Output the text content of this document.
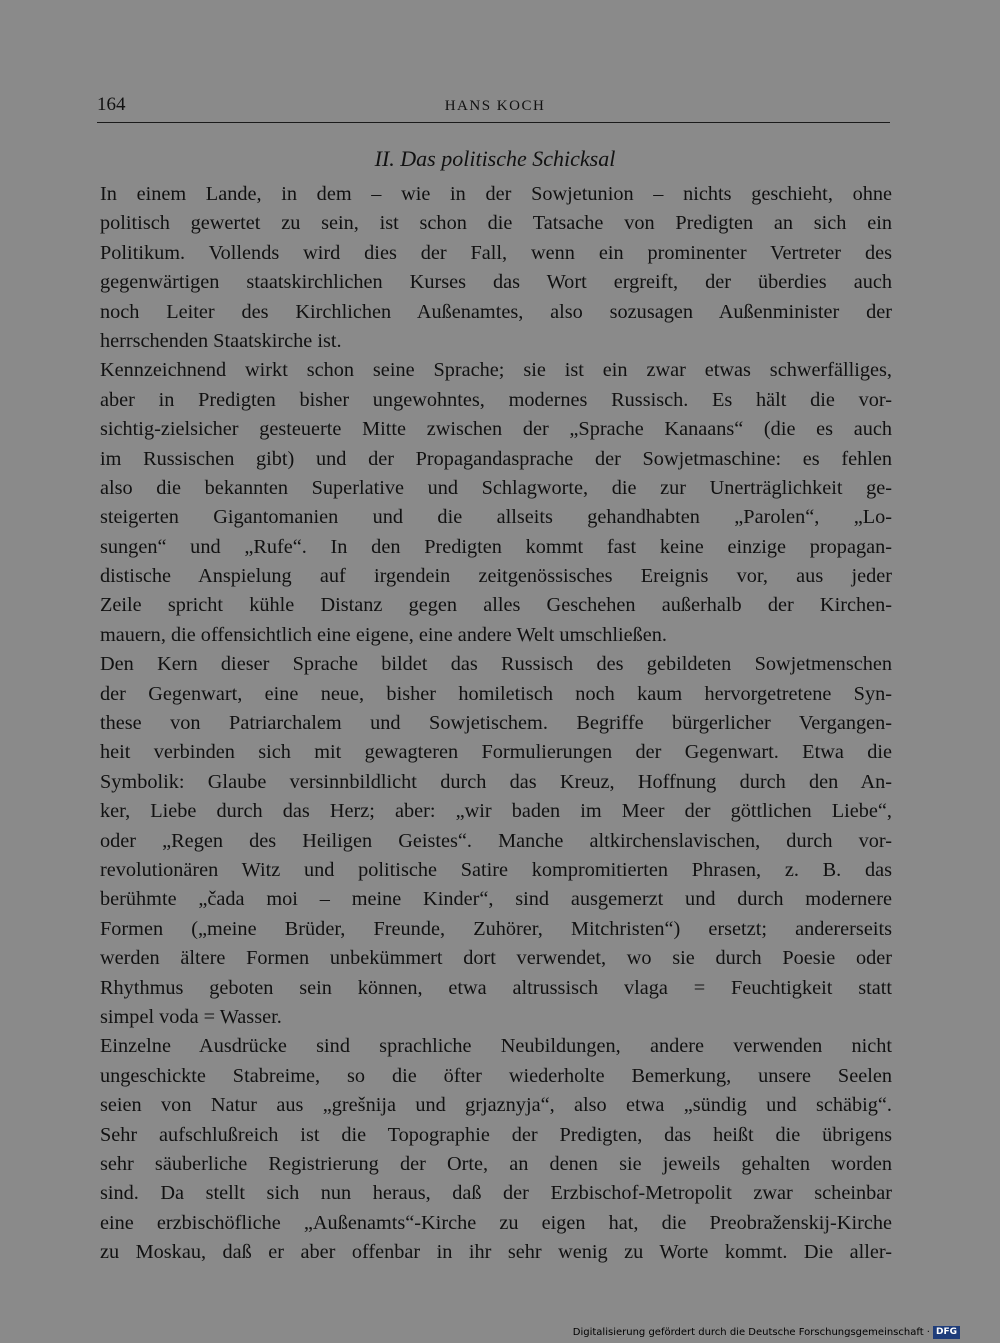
164	HANS KOCH
II. Das politische Schicksal
In einem Lande, in dem – wie in der Sowjetunion – nichts geschieht, ohne
politisch gewertet zu sein, ist schon die Tatsache von Predigten an sich ein
Politikum. Vollends wird dies der Fall, wenn ein prominenter Vertreter des
gegenwärtigen staatskirchlichen Kurses das Wort ergreift, der überdies auch
noch Leiter des Kirchlichen Außenamtes, also sozusagen Außenminister der
herrschenden Staatskirche ist.
Kennzeichnend wirkt schon seine Sprache; sie ist ein zwar etwas schwerfälliges,
aber in Predigten bisher ungewohntes, modernes Russisch. Es hält die vor-
sichtig-zielsicher gesteuerte Mitte zwischen der „Sprache Kanaans“ (die es auch
im Russischen gibt) und der Propagandasprache der Sowjetmaschine: es fehlen
also die bekannten Superlative und Schlagworte, die zur Unerträglichkeit ge-
steigerten Gigantomanien und die allseits gehandhabten „Parolen“, „Lo-
sungen“ und „Rufe“. In den Predigten kommt fast keine einzige propagan-
distische Anspielung auf irgendein zeitgenössisches Ereignis vor, aus jeder
Zeile spricht kühle Distanz gegen alles Geschehen außerhalb der Kirchen-
mauern, die offensichtlich eine eigene, eine andere Welt umschließen.
Den Kern dieser Sprache bildet das Russisch des gebildeten Sowjetmenschen
der Gegenwart, eine neue, bisher homiletisch noch kaum hervorgetretene Syn-
these von Patriarchalem und Sowjetischem. Begriffe bürgerlicher Vergangen-
heit verbinden sich mit gewagteren Formulierungen der Gegenwart. Etwa die
Symbolik: Glaube versinnbildlicht durch das Kreuz, Hoffnung durch den An-
ker, Liebe durch das Herz; aber: „wir baden im Meer der göttlichen Liebe“,
oder „Regen des Heiligen Geistes“. Manche altkirchenslavischen, durch vor-
revolutionären Witz und politische Satire kompromitierten Phrasen, z. B. das
berühmte „čada moi – meine Kinder“, sind ausgemerzt und durch modernere
Formen („meine Brüder, Freunde, Zuhörer, Mitchristen“) ersetzt; andererseits
werden ältere Formen unbekümmert dort verwendet, wo sie durch Poesie oder
Rhythmus geboten sein können, etwa altrussisch vlaga = Feuchtigkeit statt
simpel voda = Wasser.
Einzelne Ausdrücke sind sprachliche Neubildungen, andere verwenden nicht
ungeschickte Stabreime, so die öfter wiederholte Bemerkung, unsere Seelen
seien von Natur aus „grešnija und grjaznyja“, also etwa „sündig und schäbig“.
Sehr aufschlußreich ist die Topographie der Predigten, das heißt die übrigens
sehr säuberliche Registrierung der Orte, an denen sie jeweils gehalten worden
sind. Da stellt sich nun heraus, daß der Erzbischof-Metropolit zwar scheinbar
eine erzbischöfliche „Außenamts“-Kirche zu eigen hat, die Preobraženskij-Kirche
zu Moskau, daß er aber offenbar in ihr sehr wenig zu Worte kommt. Die aller-
Digitalisierung gefördert durch die Deutsche Forschungsgemeinschaft · DFG
